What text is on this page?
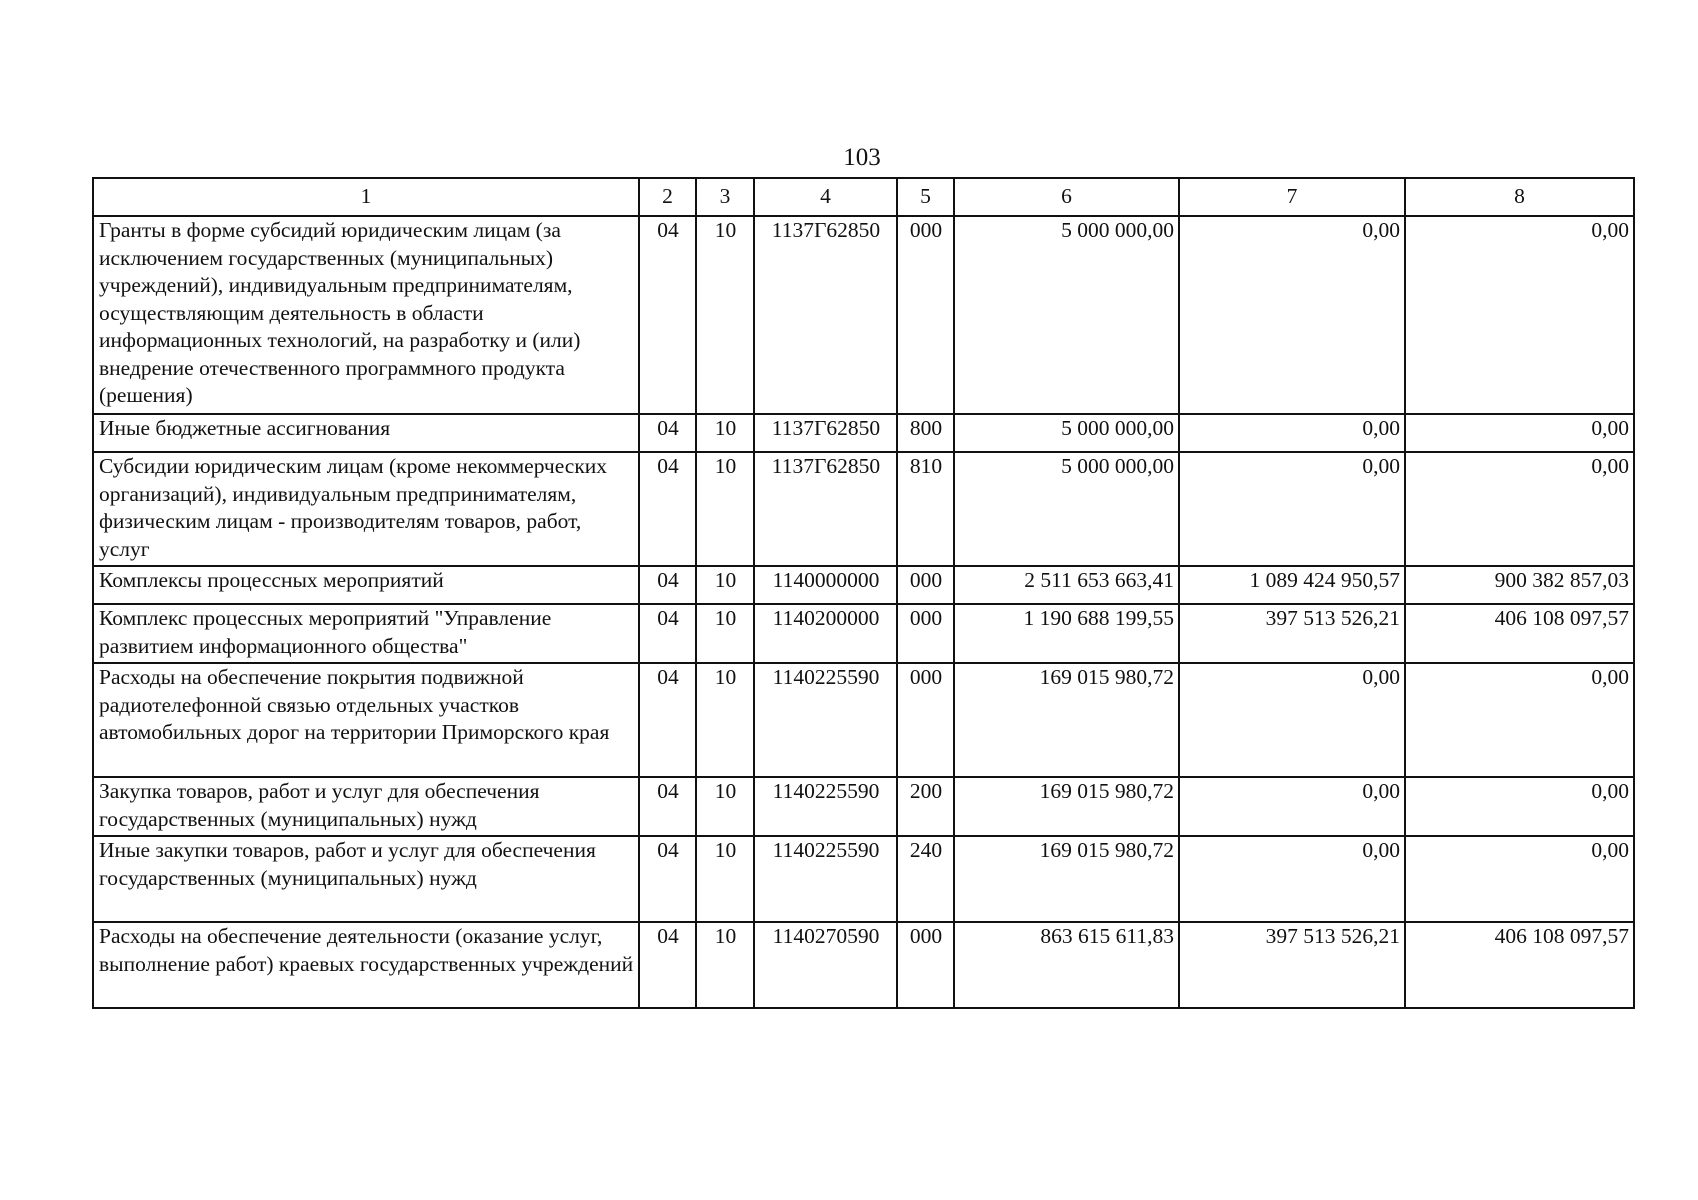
103
1	2	3	4	5	6	7	8
Гранты в форме субсидий юридическим лицам (за исключением государственных (муниципальных) учреждений), индивидуальным предпринимателям, осуществляющим деятельность в области информационных технологий, на разработку и (или) внедрение отечественного программного продукта (решения)	04	10	1137Г62850	000	5 000 000,00	0,00	0,00
Иные бюджетные ассигнования	04	10	1137Г62850	800	5 000 000,00	0,00	0,00
Субсидии юридическим лицам (кроме некоммерческих организаций), индивидуальным предпринимателям, физическим лицам - производителям товаров, работ, услуг	04	10	1137Г62850	810	5 000 000,00	0,00	0,00
Комплексы процессных мероприятий	04	10	1140000000	000	2 511 653 663,41	1 089 424 950,57	900 382 857,03
Комплекс процессных мероприятий "Управление развитием информационного общества"	04	10	1140200000	000	1 190 688 199,55	397 513 526,21	406 108 097,57
Расходы на обеспечение покрытия подвижной радиотелефонной связью отдельных участков автомобильных дорог на территории Приморского края	04	10	1140225590	000	169 015 980,72	0,00	0,00
Закупка товаров, работ и услуг для обеспечения государственных (муниципальных) нужд	04	10	1140225590	200	169 015 980,72	0,00	0,00
Иные закупки товаров, работ и услуг для обеспечения государственных (муниципальных) нужд	04	10	1140225590	240	169 015 980,72	0,00	0,00
Расходы на обеспечение деятельности (оказание услуг, выполнение работ) краевых государственных учреждений	04	10	1140270590	000	863 615 611,83	397 513 526,21	406 108 097,57
